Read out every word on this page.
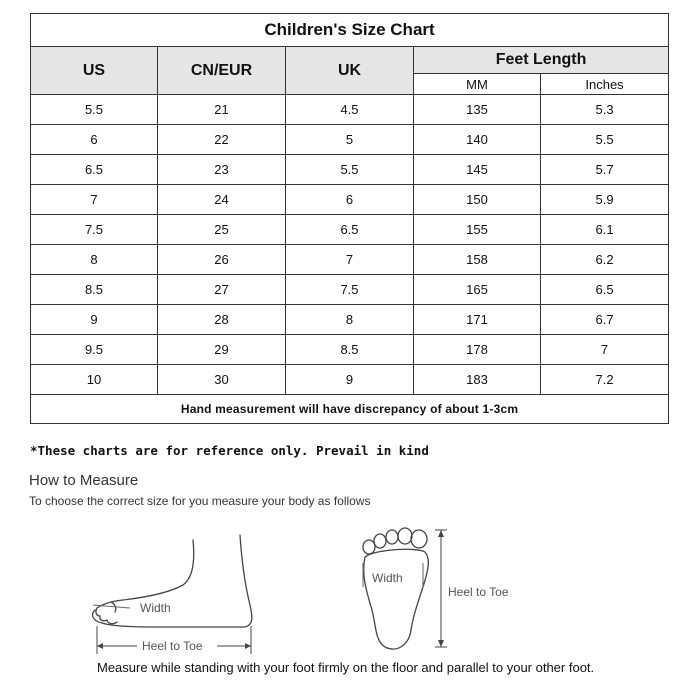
Children's Size Chart				
US	CN/EUR	UK	Feet Length	
			MM	Inches
5.5	21	4.5	135	5.3
6	22	5	140	5.5
6.5	23	5.5	145	5.7
7	24	6	150	5.9
7.5	25	6.5	155	6.1
8	26	7	158	6.2
8.5	27	7.5	165	6.5
9	28	8	171	6.7
9.5	29	8.5	178	7
10	30	9	183	7.2
Hand measurement will have discrepancy of about 1-3cm				
*These charts are for reference only. Prevail in kind
How to Measure
To choose the correct size for you measure your body as follows
Width
Heel to Toe
Width
Heel to Toe
Measure while standing with your foot firmly on the floor and parallel to your other foot.
